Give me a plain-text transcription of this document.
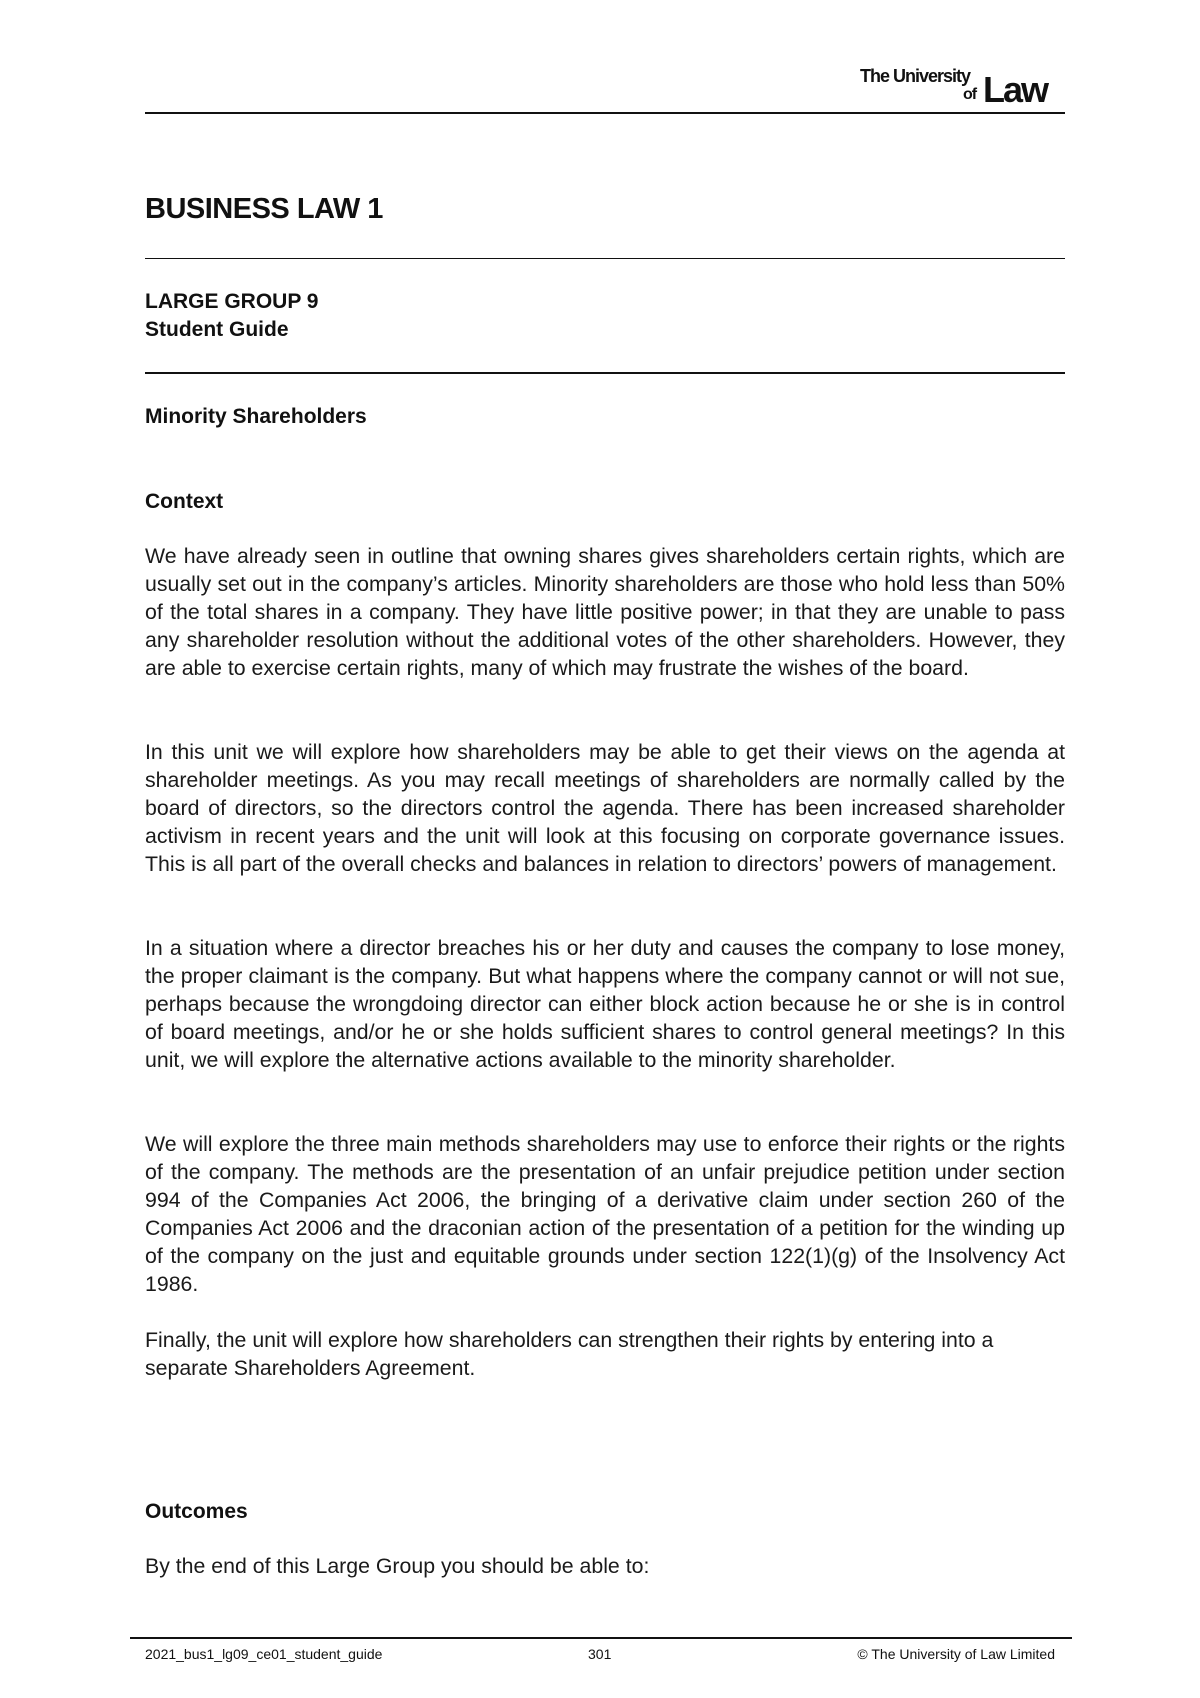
The University
of Law
BUSINESS LAW 1

LARGE GROUP 9

Student Guide

Minority Shareholders

Context

We have already seen in outline that owning shares gives shareholders certain rights, which are usually set out in the company’s articles. Minority shareholders are those who hold less than 50% of the total shares in a company. They have little positive power; in that they are unable to pass any shareholder resolution without the additional votes of the other shareholders. However, they are able to exercise certain rights, many of which may frustrate the wishes of the board.

In this unit we will explore how shareholders may be able to get their views on the agenda at shareholder meetings. As you may recall meetings of shareholders are normally called by the board of directors, so the directors control the agenda. There has been increased shareholder activism in recent years and the unit will look at this focusing on corporate governance issues. This is all part of the overall checks and balances in relation to directors’ powers of management.

In a situation where a director breaches his or her duty and causes the company to lose money, the proper claimant is the company. But what happens where the company cannot or will not sue, perhaps because the wrongdoing director can either block action because he or she is in control of board meetings, and/or he or she holds sufficient shares to control general meetings? In this unit, we will explore the alternative actions available to the minority shareholder.

We will explore the three main methods shareholders may use to enforce their rights or the rights of the company. The methods are the presentation of an unfair prejudice petition under section 994 of the Companies Act 2006, the bringing of a derivative claim under section 260 of the Companies Act 2006 and the draconian action of the presentation of a petition for the winding up of the company on the just and equitable grounds under section 122(1)(g) of the Insolvency Act 1986.

Finally, the unit will explore how shareholders can strengthen their rights by entering into a separate Shareholders Agreement.

Outcomes

By the end of this Large Group you should be able to:

2021_bus1_lg09_ce01_student_guide	301	© The University of Law Limited
